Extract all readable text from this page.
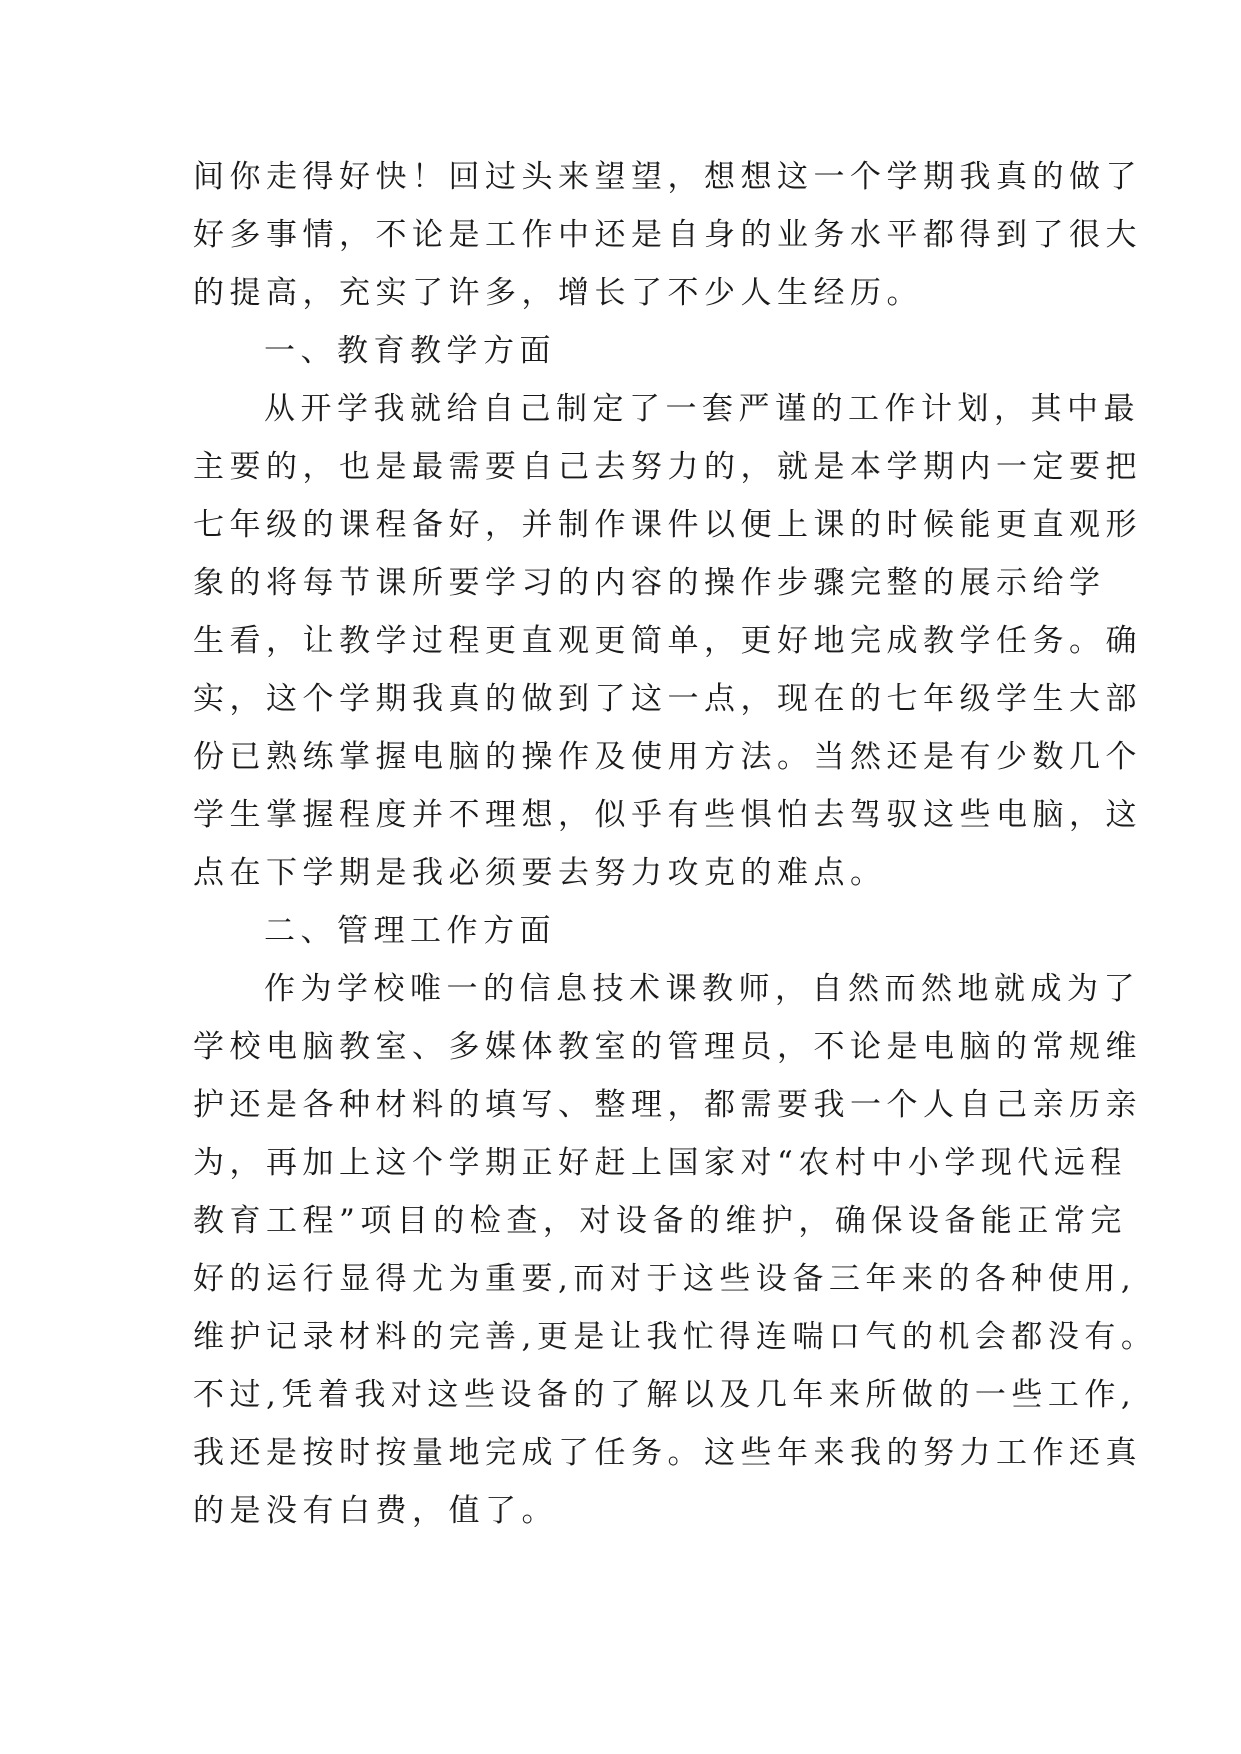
间你走得好快！回过头来望望，想想这一个学期我真的做了
好多事情，不论是工作中还是自身的业务水平都得到了很大
的提高，充实了许多，增长了不少人生经历。
一、教育教学方面
从开学我就给自己制定了一套严谨的工作计划，其中最
主要的，也是最需要自己去努力的，就是本学期内一定要把
七年级的课程备好，并制作课件以便上课的时候能更直观形
象的将每节课所要学习的内容的操作步骤完整的展示给学
生看，让教学过程更直观更简单，更好地完成教学任务。确
实，这个学期我真的做到了这一点，现在的七年级学生大部
份已熟练掌握电脑的操作及使用方法。当然还是有少数几个
学生掌握程度并不理想，似乎有些惧怕去驾驭这些电脑，这
点在下学期是我必须要去努力攻克的难点。
二、管理工作方面
作为学校唯一的信息技术课教师，自然而然地就成为了
学校电脑教室、多媒体教室的管理员，不论是电脑的常规维
护还是各种材料的填写、整理，都需要我一个人自己亲历亲
为，再加上这个学期正好赶上国家对“农村中小学现代远程
教育工程”项目的检查，对设备的维护，确保设备能正常完
好的运行显得尤为重要,而对于这些设备三年来的各种使用,
维护记录材料的完善,更是让我忙得连喘口气的机会都没有。
不过,凭着我对这些设备的了解以及几年来所做的一些工作,
我还是按时按量地完成了任务。这些年来我的努力工作还真
的是没有白费，值了。
